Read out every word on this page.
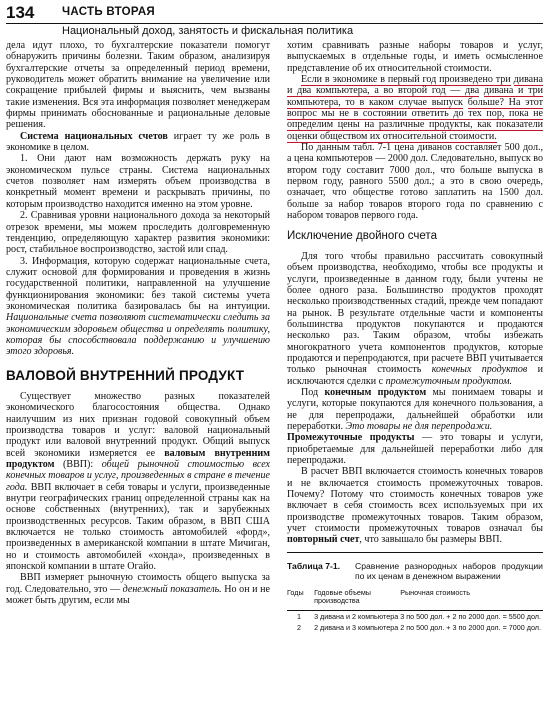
134 ЧАСТЬ ВТОРАЯ
Национальный доход, занятость и фискальная политика

дела идут плохо, то бухгалтерские показатели помогут обнаружить причины болезни. Таким образом, анализируя бухгалтерские отчеты за определенный период времени, руководитель может обратить внимание на увеличение или сокращение прибылей фирмы и выяснить, чем вызваны такие изменения. Вся эта информация позволяет менеджерам фирмы принимать обоснованные и рациональные деловые решения.

Система национальных счетов играет ту же роль в экономике в целом.

1. Они дают нам возможность держать руку на экономическом пульсе страны. Система национальных счетов позволяет нам измерять объем производства в конкретный момент времени и раскрывать причины, по которым производство находится именно на этом уровне.

2. Сравнивая уровни национального дохода за некоторый отрезок времени, мы можем проследить долговременную тенденцию, определяющую характер развития экономики: рост, стабильное воспроизводство, застой или спад.

3. Информация, которую содержат национальные счета, служит основой для формирования и проведения в жизнь государственной политики, направленной на улучшение функционирования экономики: без такой системы учета экономическая политика базировалась бы на интуиции. Национальные счета позволяют систематически следить за экономическим здоровьем общества и определять политику, которая бы способствовала поддержанию и улучшению этого здоровья.

ВАЛОВОЙ ВНУТРЕННИЙ ПРОДУКТ

Существует множество разных показателей экономического благосостояния общества. Однако наилучшим из них признан годовой совокупный объем производства товаров и услуг: валовой национальный продукт или валовой внутренний продукт. Общий выпуск всей экономики измеряется ее валовым внутренним продуктом (ВВП): общей рыночной стоимостью всех конечных товаров и услуг, произведенных в стране в течение года. ВВП включает в себя товары и услуги, произведенные внутри географических границ определенной страны как на основе собственных (внутренних), так и зарубежных производственных ресурсов. Таким образом, в ВВП США включается не только стоимость автомобилей «форд», произведенных в американской компании в штате Мичиган, но и стоимость автомобилей «хонда», произведенных в японской компании в штате Огайо.

ВВП измеряет рыночную стоимость общего выпуска за год. Следовательно, это — денежный показатель. Но он и не может быть другим, если мы

хотим сравнивать разные наборы товаров и услуг, выпускаемых в отдельные годы, и иметь осмысленное представление об их относительной стоимости.

Если в экономике в первый год произведено три дивана и два компьютера, а во второй год — два дивана и три компьютера, то в каком случае выпуск больше? На этот вопрос мы не в состоянии ответить до тех пор, пока не определим цены на различные продукты, как показатели оценки обществом их относительной стоимости.

По данным табл. 7-1 цена диванов составляет 500 дол., а цена компьютеров — 2000 дол. Следовательно, выпуск во втором году составит 7000 дол., что больше выпуска в первом году, равного 5500 дол.; а это в свою очередь, означает, что обществе готово заплатить на 1500 дол. больше за набор товаров второго года по сравнению с набором товаров первого года.

Исключение двойного счета

Для того чтобы правильно рассчитать совокупный объем производства, необходимо, чтобы все продукты и услуги, произведенные в данном году, были учтены не более одного раза. Большинство продуктов проходят несколько производственных стадий, прежде чем попадают на рынок. В результате отдельные части и компоненты большинства продуктов покупаются и продаются несколько раз. Таким образом, чтобы избежать многократного учета компонентов продуктов, которые продаются и перепродаются, при расчете ВВП учитывается только рыночная стоимость конечных продуктов и исключаются сделки с промежуточным продуктом.

Под конечным продуктом мы понимаем товары и услуги, которые покупаются для конечного пользования, а не для перепродажи, дальнейшей обработки или переработки. Это товары не для перепродажи.

Промежуточные продукты — это товары и услуги, приобретаемые для дальнейшей переработки либо для перепродажи.

В расчет ВВП включается стоимость конечных товаров и не включается стоимость промежуточных товаров. Почему? Потому что стоимость конечных товаров уже включает в себя стоимость всех используемых при их производстве промежуточных товаров. Таким образом, учет стоимости промежуточных товаров означал бы повторный счет, что завышало бы размеры ВВП.

Таблица 7-1.	Сравнение разнородных наборов продукции по их ценам в денежном выражении
Годы	Годовые объемы производства	Рыночная стоимость
1	3 дивана и 2 компьютера	3 по 500 дол. + 2 по 2000 дол. = 5500 дол.
2	2 дивана и 3 компьютера	2 по 500 дол. + 3 по 2000 дол. = 7000 дол.
